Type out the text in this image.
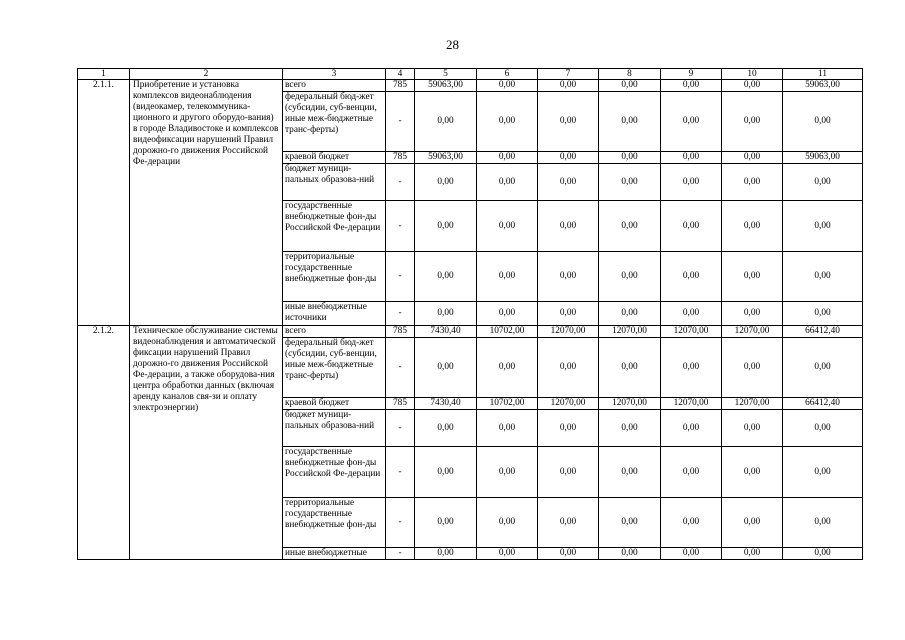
28
1	2	3	4	5	6	7	8	9	10	11
2.1.1.	Приобретение и установка комплексов видеонаблюдения (видеокамер, телекоммуника-ционного и другого оборудо-вания) в городе Владивостоке и комплексов видеофиксации нарушений Правил дорожно-го движения Российской Фе-дерации	всего	785	59063,00	0,00	0,00	0,00	0,00	0,00	59063,00
		федеральный бюд-жет (субсидии, суб-венции, иные меж-бюджетные транс-ферты)	-	0,00	0,00	0,00	0,00	0,00	0,00	0,00
		краевой бюджет	785	59063,00	0,00	0,00	0,00	0,00	0,00	59063,00
		бюджет муници-пальных образова-ний	-	0,00	0,00	0,00	0,00	0,00	0,00	0,00
		государственные внебюджетные фон-ды Российской Фе-дерации	-	0,00	0,00	0,00	0,00	0,00	0,00	0,00
		территориальные государственные внебюджетные фон-ды	-	0,00	0,00	0,00	0,00	0,00	0,00	0,00
		иные внебюджетные источники	-	0,00	0,00	0,00	0,00	0,00	0,00	0,00
2.1.2.	Техническое обслуживание системы видеонаблюдения и автоматической фиксации нарушений Правил дорожно-го движения Российской Фе-дерации, а также оборудова-ния центра обработки данных (включая аренду каналов свя-зи и оплату электроэнергии)	всего	785	7430,40	10702,00	12070,00	12070,00	12070,00	12070,00	66412,40
		федеральный бюд-жет (субсидии, суб-венции, иные меж-бюджетные транс-ферты)	-	0,00	0,00	0,00	0,00	0,00	0,00	0,00
		краевой бюджет	785	7430,40	10702,00	12070,00	12070,00	12070,00	12070,00	66412,40
		бюджет муници-пальных образова-ний	-	0,00	0,00	0,00	0,00	0,00	0,00	0,00
		государственные внебюджетные фон-ды Российской Фе-дерации	-	0,00	0,00	0,00	0,00	0,00	0,00	0,00
		территориальные государственные внебюджетные фон-ды	-	0,00	0,00	0,00	0,00	0,00	0,00	0,00
		иные внебюджетные	-	0,00	0,00	0,00	0,00	0,00	0,00	0,00
